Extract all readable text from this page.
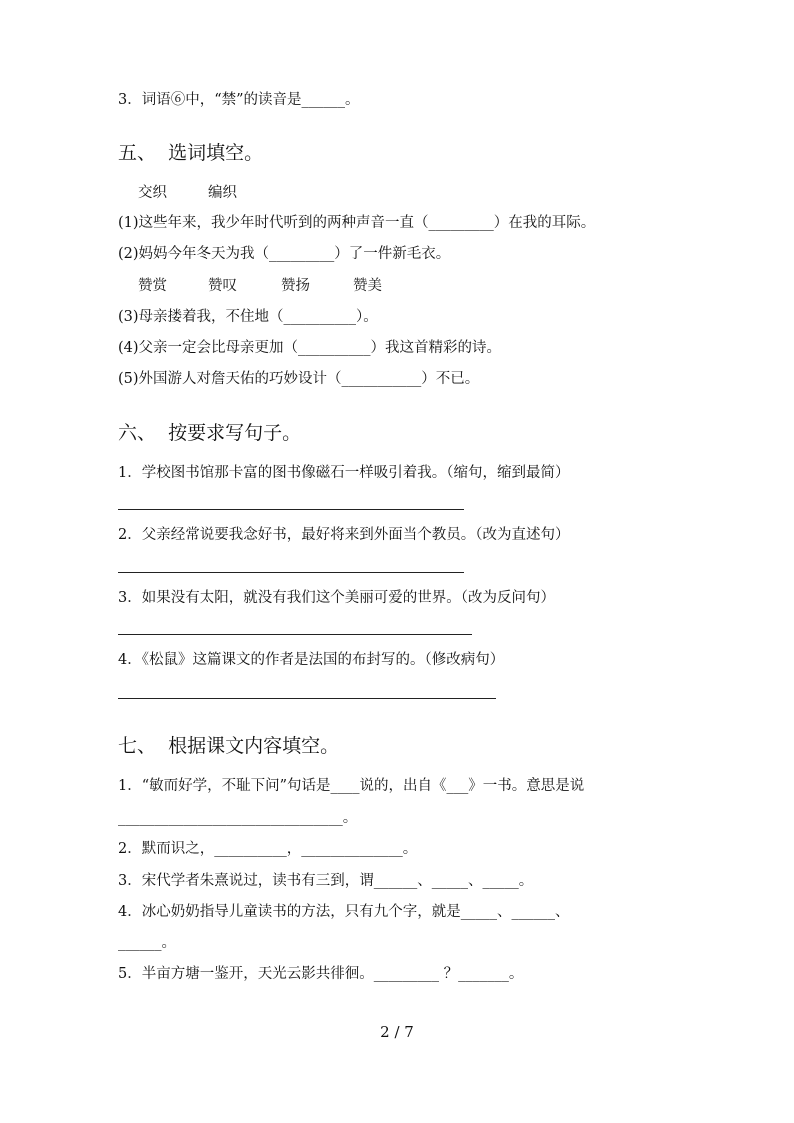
3．词语⑥中，“禁”的读音是______。
五、  选词填空。
交织	编织
(1)这些年来，我少年时代听到的两种声音一直（_________）在我的耳际。
(2)妈妈今年冬天为我（_________）了一件新毛衣。
赞赏	赞叹	赞扬	赞美
(3)母亲搂着我，不住地（__________）。
(4)父亲一定会比母亲更加（__________）我这首精彩的诗。
(5)外国游人对詹天佑的巧妙设计（___________）不已。
六、  按要求写句子。
1．学校图书馆那卡富的图书像磁石一样吸引着我。（缩句，缩到最简）
2．父亲经常说要我念好书，最好将来到外面当个教员。（改为直述句）
3．如果没有太阳，就没有我们这个美丽可爱的世界。（改为反问句）
4．《松鼠》这篇课文的作者是法国的布封写的。（修改病句）
七、  根据课文内容填空。
1．“敏而好学，不耻下问”句话是____说的，出自《___》一书。意思是说
_______________________________。
2．默而识之，__________，______________。
3．宋代学者朱熹说过，读书有三到，谓______、_____、_____。
4．冰心奶奶指导儿童读书的方法，只有九个字，就是_____、______、
______。
5．半亩方塘一鉴开，天光云影共徘徊。_________ ？_______。
2 / 7
